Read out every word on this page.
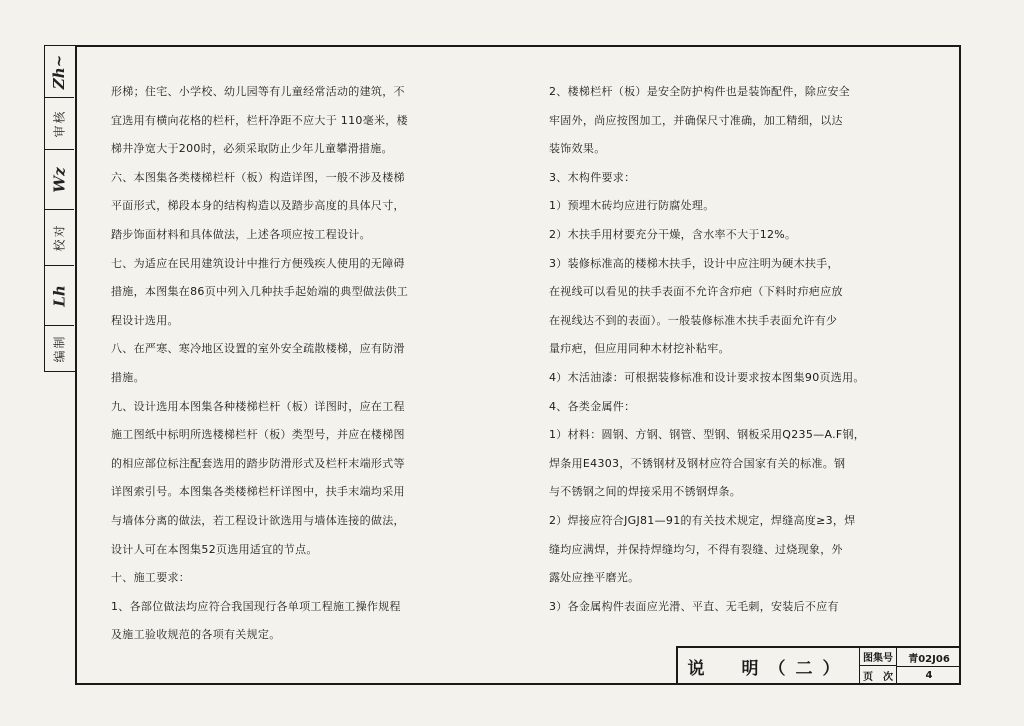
Zh~
审核
Wz
校对
Lh
编制
形梯；住宅、小学校、幼儿园等有儿童经常活动的建筑，不
宜选用有横向花格的栏杆，栏杆净距不应大于 110毫米，楼
梯井净宽大于200时，必须采取防止少年儿童攀滑措施。
六、本图集各类楼梯栏杆（板）构造详图，一般不涉及楼梯
平面形式，梯段本身的结构构造以及踏步高度的具体尺寸，
踏步饰面材料和具体做法，上述各项应按工程设计。
七、为适应在民用建筑设计中推行方便残疾人使用的无障碍
措施，本图集在86页中列入几种扶手起始端的典型做法供工
程设计选用。
八、在严寒、寒冷地区设置的室外安全疏散楼梯，应有防滑
措施。
九、设计选用本图集各种楼梯栏杆（板）详图时，应在工程
施工图纸中标明所选楼梯栏杆（板）类型号，并应在楼梯图
的相应部位标注配套选用的踏步防滑形式及栏杆末端形式等
详图索引号。本图集各类楼梯栏杆详图中，扶手末端均采用
与墙体分离的做法，若工程设计欲选用与墙体连接的做法，
设计人可在本图集52页选用适宜的节点。
十、施工要求：
1、各部位做法均应符合我国现行各单项工程施工操作规程
及施工验收规范的各项有关规定。
2、楼梯栏杆（板）是安全防护构件也是装饰配件，除应安全
牢固外，尚应按图加工，并确保尺寸准确，加工精细，以达
装饰效果。
3、木构件要求：
1）预埋木砖均应进行防腐处理。
2）木扶手用材要充分干燥，含水率不大于12%。
3）装修标准高的楼梯木扶手，设计中应注明为硬木扶手，
在视线可以看见的扶手表面不允许含疖疤（下料时疖疤应放
在视线达不到的表面）。一般装修标准木扶手表面允许有少
量疖疤，但应用同种木材挖补粘牢。
4）木活油漆：可根据装修标准和设计要求按本图集90页选用。
4、各类金属件：
1）材料：圆钢、方钢、钢管、型钢、钢板采用Q235—A.F钢，
焊条用E4303，不锈钢材及钢材应符合国家有关的标准。钢
与不锈钢之间的焊接采用不锈钢焊条。
2）焊接应符合JGJ81—91的有关技术规定，焊缝高度≥3，焊
缝均应满焊，并保持焊缝均匀，不得有裂缝、过烧现象，外
露处应挫平磨光。
3）各金属构件表面应光滑、平直、无毛刺，安装后不应有
说　明（二）
图集号	青02J06
页　次	4
